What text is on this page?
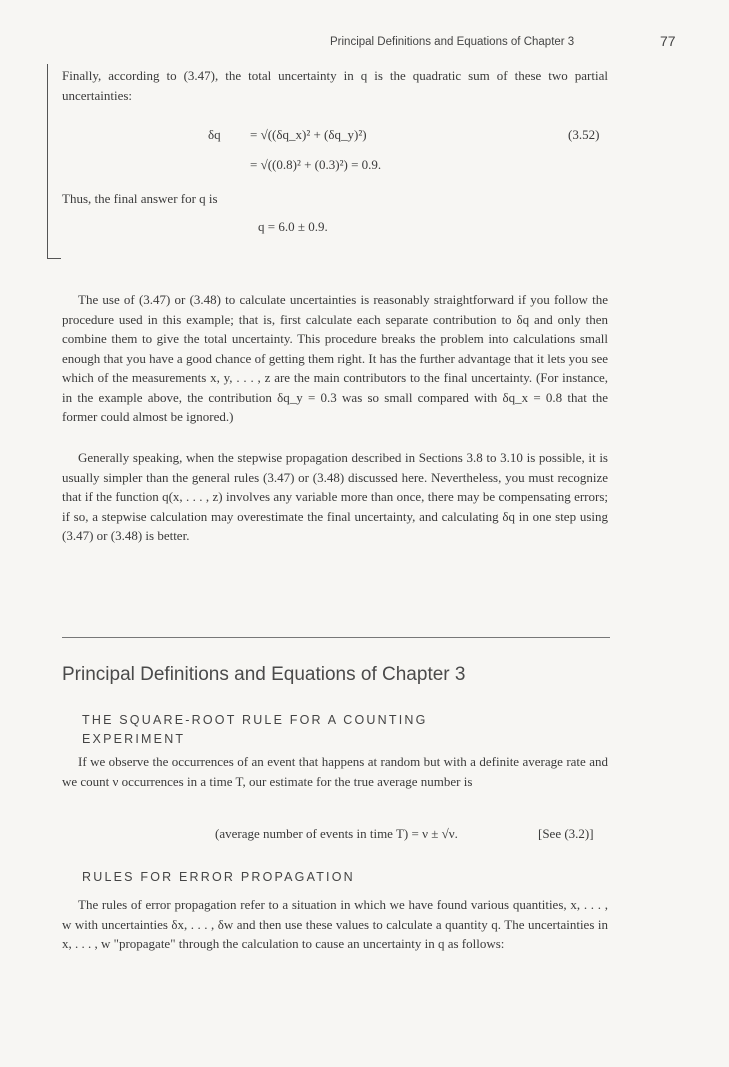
Principal Definitions and Equations of Chapter 3	77
Finally, according to (3.47), the total uncertainty in q is the quadratic sum of these two partial uncertainties:
δq = √((δq_x)² + (δq_y)²)	(3.52)
= √((0.8)² + (0.3)²) = 0.9.
Thus, the final answer for q is
q = 6.0 ± 0.9.
The use of (3.47) or (3.48) to calculate uncertainties is reasonably straightforward if you follow the procedure used in this example; that is, first calculate each separate contribution to δq and only then combine them to give the total uncertainty. This procedure breaks the problem into calculations small enough that you have a good chance of getting them right. It has the further advantage that it lets you see which of the measurements x, y, . . . , z are the main contributors to the final uncertainty. (For instance, in the example above, the contribution δq_y = 0.3 was so small compared with δq_x = 0.8 that the former could almost be ignored.)
Generally speaking, when the stepwise propagation described in Sections 3.8 to 3.10 is possible, it is usually simpler than the general rules (3.47) or (3.48) discussed here. Nevertheless, you must recognize that if the function q(x, . . . , z) involves any variable more than once, there may be compensating errors; if so, a stepwise calculation may overestimate the final uncertainty, and calculating δq in one step using (3.47) or (3.48) is better.
Principal Definitions and Equations of Chapter 3
THE SQUARE-ROOT RULE FOR A COUNTING EXPERIMENT
If we observe the occurrences of an event that happens at random but with a definite average rate and we count ν occurrences in a time T, our estimate for the true average number is
(average number of events in time T) = ν ± √ν.	[See (3.2)]
RULES FOR ERROR PROPAGATION
The rules of error propagation refer to a situation in which we have found various quantities, x, . . . , w with uncertainties δx, . . . , δw and then use these values to calculate a quantity q. The uncertainties in x, . . . , w "propagate" through the calculation to cause an uncertainty in q as follows:
